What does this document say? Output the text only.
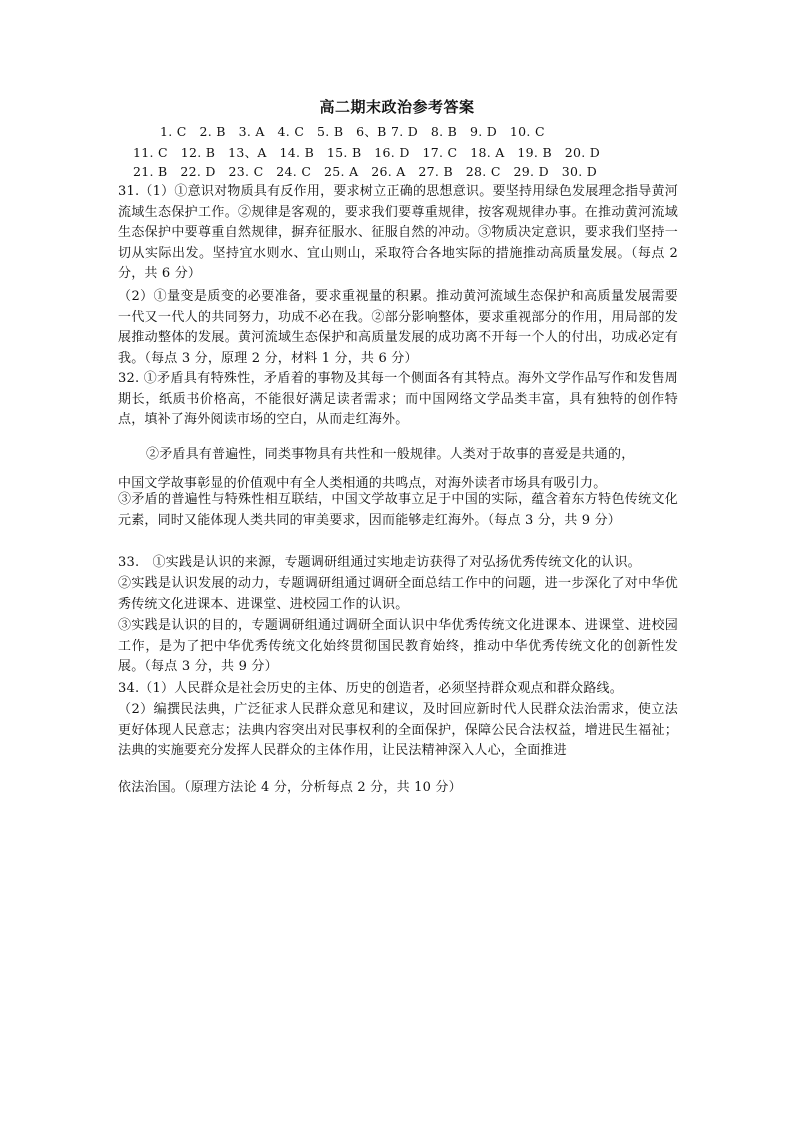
高二期末政治参考答案
1. C   2. B   3. A   4. C   5. B   6、B 7. D   8. B   9. D   10. C
11. C   12. B   13、A   14. B   15. B   16. D   17. C   18. A   19. B   20. D
21. B   22. D   23. C   24. C   25. A   26. A   27. B   28. C   29. D   30. D
31.（1）①意识对物质具有反作用，要求树立正确的思想意识。要坚持用绿色发展理念指导黄河流域生态保护工作。②规律是客观的，要求我们要尊重规律，按客观规律办事。在推动黄河流域生态保护中要尊重自然规律，摒弃征服水、征服自然的冲动。③物质决定意识，要求我们坚持一切从实际出发。坚持宜水则水、宜山则山，采取符合各地实际的措施推动高质量发展。（每点 2 分，共 6 分）
（2）①量变是质变的必要准备，要求重视量的积累。推动黄河流域生态保护和高质量发展需要一代又一代人的共同努力，功成不必在我。②部分影响整体，要求重视部分的作用，用局部的发展推动整体的发展。黄河流域生态保护和高质量发展的成功离不开每一个人的付出，功成必定有我。（每点 3 分，原理 2 分，材料 1 分，共 6 分）
32. ①矛盾具有特殊性，矛盾着的事物及其每一个侧面各有其特点。海外文学作品写作和发售周期长，纸质书价格高，不能很好满足读者需求；而中国网络文学品类丰富，具有独特的创作特点，填补了海外阅读市场的空白，从而走红海外。
②矛盾具有普遍性，同类事物具有共性和一般规律。人类对于故事的喜爱是共通的，
中国文学故事彰显的价值观中有全人类相通的共鸣点，对海外读者市场具有吸引力。
③矛盾的普遍性与特殊性相互联结，中国文学故事立足于中国的实际，蕴含着东方特色传统文化元素，同时又能体现人类共同的审美要求，因而能够走红海外。（每点 3 分，共 9 分）
33.　①实践是认识的来源，专题调研组通过实地走访获得了对弘扬优秀传统文化的认识。
②实践是认识发展的动力，专题调研组通过调研全面总结工作中的问题，进一步深化了对中华优秀传统文化进课本、进课堂、进校园工作的认识。
③实践是认识的目的，专题调研组通过调研全面认识中华优秀传统文化进课本、进课堂、进校园工作，是为了把中华优秀传统文化始终贯彻国民教育始终，推动中华优秀传统文化的创新性发展。（每点 3 分，共 9 分）
34.（1）人民群众是社会历史的主体、历史的创造者，必须坚持群众观点和群众路线。
（2）编撰民法典，广泛征求人民群众意见和建议，及时回应新时代人民群众法治需求，使立法更好体现人民意志；法典内容突出对民事权利的全面保护，保障公民合法权益，增进民生福祉；法典的实施要充分发挥人民群众的主体作用，让民法精神深入人心，全面推进
依法治国。（原理方法论 4 分，分析每点 2 分，共 10 分）
